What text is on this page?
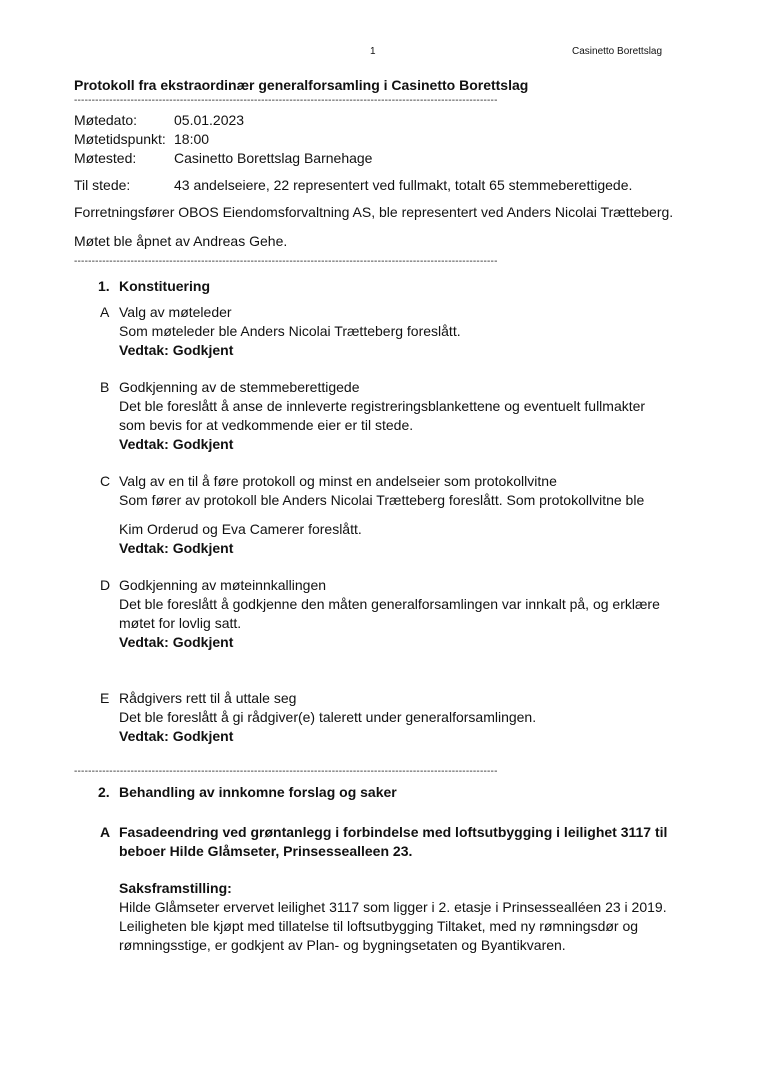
1	Casinetto Borettslag
Protokoll fra ekstraordinær generalforsamling i Casinetto Borettslag
------------------------------------------------------------------------------------------------------------------------
Møtedato:	05.01.2023
Møtetidspunkt: 18:00
Møtested:	Casinetto Borettslag Barnehage
Til stede:	43 andelseiere, 22 representert ved fullmakt, totalt 65 stemmeberettigede.
Forretningsfører OBOS Eiendomsforvaltning AS, ble representert ved Anders Nicolai Trætteberg.
Møtet ble åpnet av Andreas Gehe.
------------------------------------------------------------------------------------------------------------------------
1. Konstituering
A Valg av møteleder
Som møteleder ble Anders Nicolai Trætteberg foreslått.
Vedtak: Godkjent
B Godkjenning av de stemmeberettigede
Det ble foreslått å anse de innleverte registreringsblankettene og eventuelt fullmakter
som bevis for at vedkommende eier er til stede.
Vedtak: Godkjent
C Valg av en til å føre protokoll og minst en andelseier som protokollvitne
Som fører av protokoll ble Anders Nicolai Trætteberg foreslått. Som protokollvitne ble
Kim Orderud og Eva Camerer foreslått.
Vedtak: Godkjent
D Godkjenning av møteinnkallingen
Det ble foreslått å godkjenne den måten generalforsamlingen var innkalt på, og erklære
møtet for lovlig satt.
Vedtak: Godkjent
E Rådgivers rett til å uttale seg
Det ble foreslått å gi rådgiver(e) talerett under generalforsamlingen.
Vedtak: Godkjent
------------------------------------------------------------------------------------------------------------------------
2. Behandling av innkomne forslag og saker
A Fasadeendring ved grøntanlegg i forbindelse med loftsutbygging i leilighet 3117 til
beboer Hilde Glåmseter, Prinsessealleen 23.
Saksframstilling:
Hilde Glåmseter ervervet leilighet 3117 som ligger i 2. etasje i Prinsessealléen 23 i 2019.
Leiligheten ble kjøpt med tillatelse til loftsutbygging Tiltaket, med ny rømningsdør og
rømningsstige, er godkjent av Plan- og bygningsetaten og Byantikvaren.
